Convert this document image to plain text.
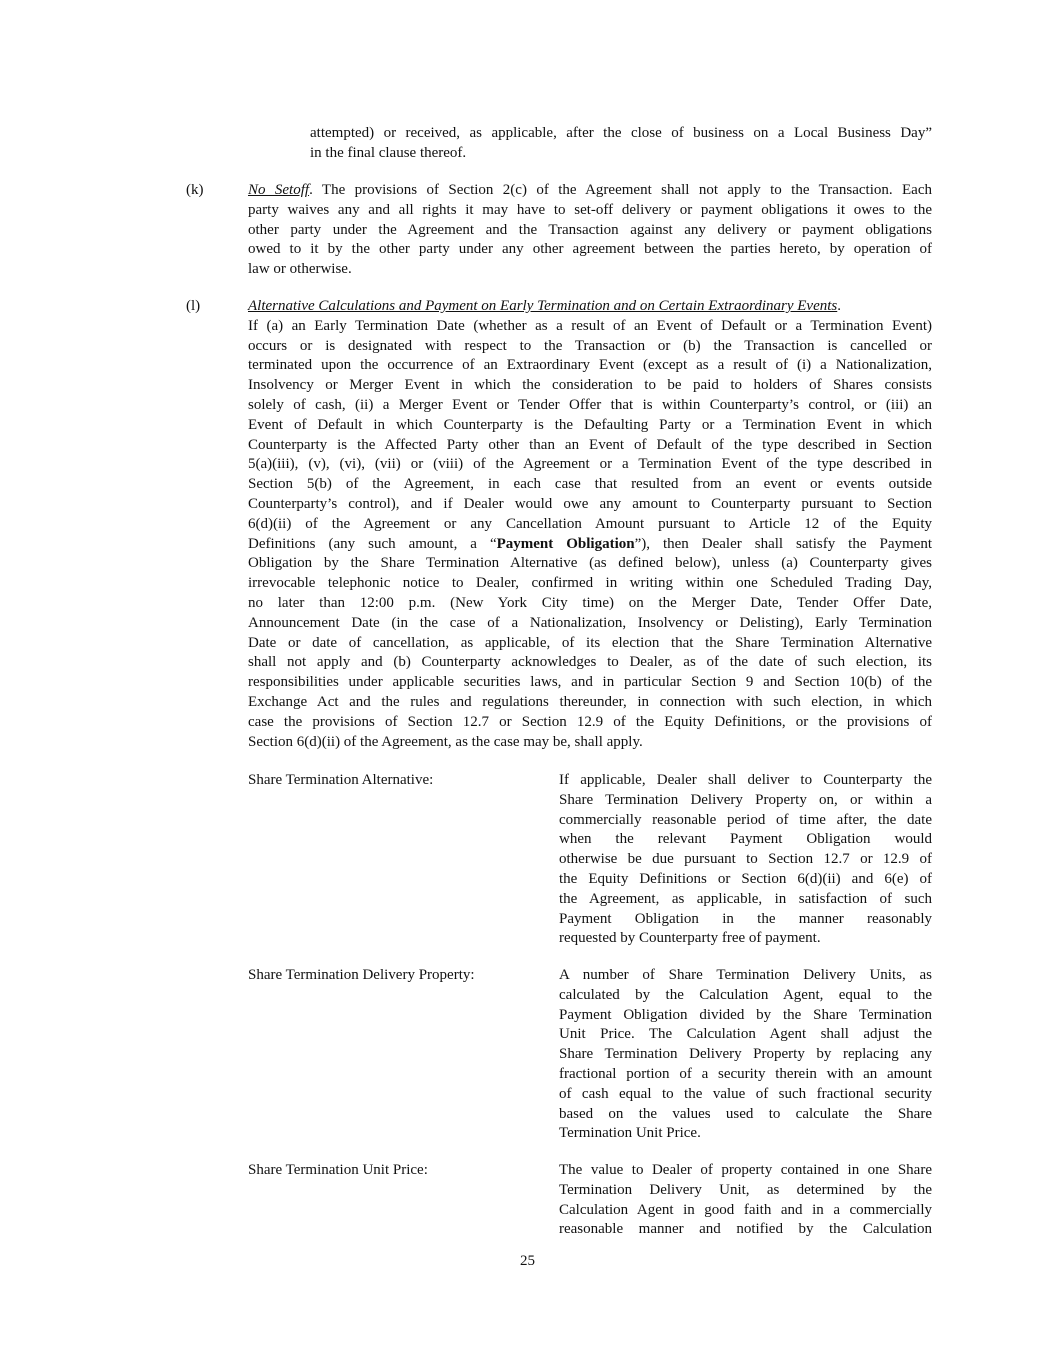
attempted) or received, as applicable, after the close of business on a Local Business Day”
in the final clause thereof.
(k)	No Setoff. The provisions of Section 2(c) of the Agreement shall not apply to the Transaction. Each
party waives any and all rights it may have to set-off delivery or payment obligations it owes to the
other party under the Agreement and the Transaction against any delivery or payment obligations
owed to it by the other party under any other agreement between the parties hereto, by operation of
law or otherwise.
(l)	Alternative Calculations and Payment on Early Termination and on Certain Extraordinary Events.
If (a) an Early Termination Date (whether as a result of an Event of Default or a Termination Event)
occurs or is designated with respect to the Transaction or (b) the Transaction is cancelled or
terminated upon the occurrence of an Extraordinary Event (except as a result of (i) a Nationalization,
Insolvency or Merger Event in which the consideration to be paid to holders of Shares consists
solely of cash, (ii) a Merger Event or Tender Offer that is within Counterparty’s control, or (iii) an
Event of Default in which Counterparty is the Defaulting Party or a Termination Event in which
Counterparty is the Affected Party other than an Event of Default of the type described in Section
5(a)(iii), (v), (vi), (vii) or (viii) of the Agreement or a Termination Event of the type described in
Section 5(b) of the Agreement, in each case that resulted from an event or events outside
Counterparty’s control), and if Dealer would owe any amount to Counterparty pursuant to Section
6(d)(ii) of the Agreement or any Cancellation Amount pursuant to Article 12 of the Equity
Definitions (any such amount, a “Payment Obligation”), then Dealer shall satisfy the Payment
Obligation by the Share Termination Alternative (as defined below), unless (a) Counterparty gives
irrevocable telephonic notice to Dealer, confirmed in writing within one Scheduled Trading Day,
no later than 12:00 p.m. (New York City time) on the Merger Date, Tender Offer Date,
Announcement Date (in the case of a Nationalization, Insolvency or Delisting), Early Termination
Date or date of cancellation, as applicable, of its election that the Share Termination Alternative
shall not apply and (b) Counterparty acknowledges to Dealer, as of the date of such election, its
responsibilities under applicable securities laws, and in particular Section 9 and Section 10(b) of the
Exchange Act and the rules and regulations thereunder, in connection with such election, in which
case the provisions of Section 12.7 or Section 12.9 of the Equity Definitions, or the provisions of
Section 6(d)(ii) of the Agreement, as the case may be, shall apply.
Share Termination Alternative:	If applicable, Dealer shall deliver to Counterparty the
Share Termination Delivery Property on, or within a
commercially reasonable period of time after, the date
when the relevant Payment Obligation would
otherwise be due pursuant to Section 12.7 or 12.9 of
the Equity Definitions or Section 6(d)(ii) and 6(e) of
the Agreement, as applicable, in satisfaction of such
Payment Obligation in the manner reasonably
requested by Counterparty free of payment.
Share Termination Delivery Property:	A number of Share Termination Delivery Units, as
calculated by the Calculation Agent, equal to the
Payment Obligation divided by the Share Termination
Unit Price. The Calculation Agent shall adjust the
Share Termination Delivery Property by replacing any
fractional portion of a security therein with an amount
of cash equal to the value of such fractional security
based on the values used to calculate the Share
Termination Unit Price.
Share Termination Unit Price:	The value to Dealer of property contained in one Share
Termination Delivery Unit, as determined by the
Calculation Agent in good faith and in a commercially
reasonable manner and notified by the Calculation
25
